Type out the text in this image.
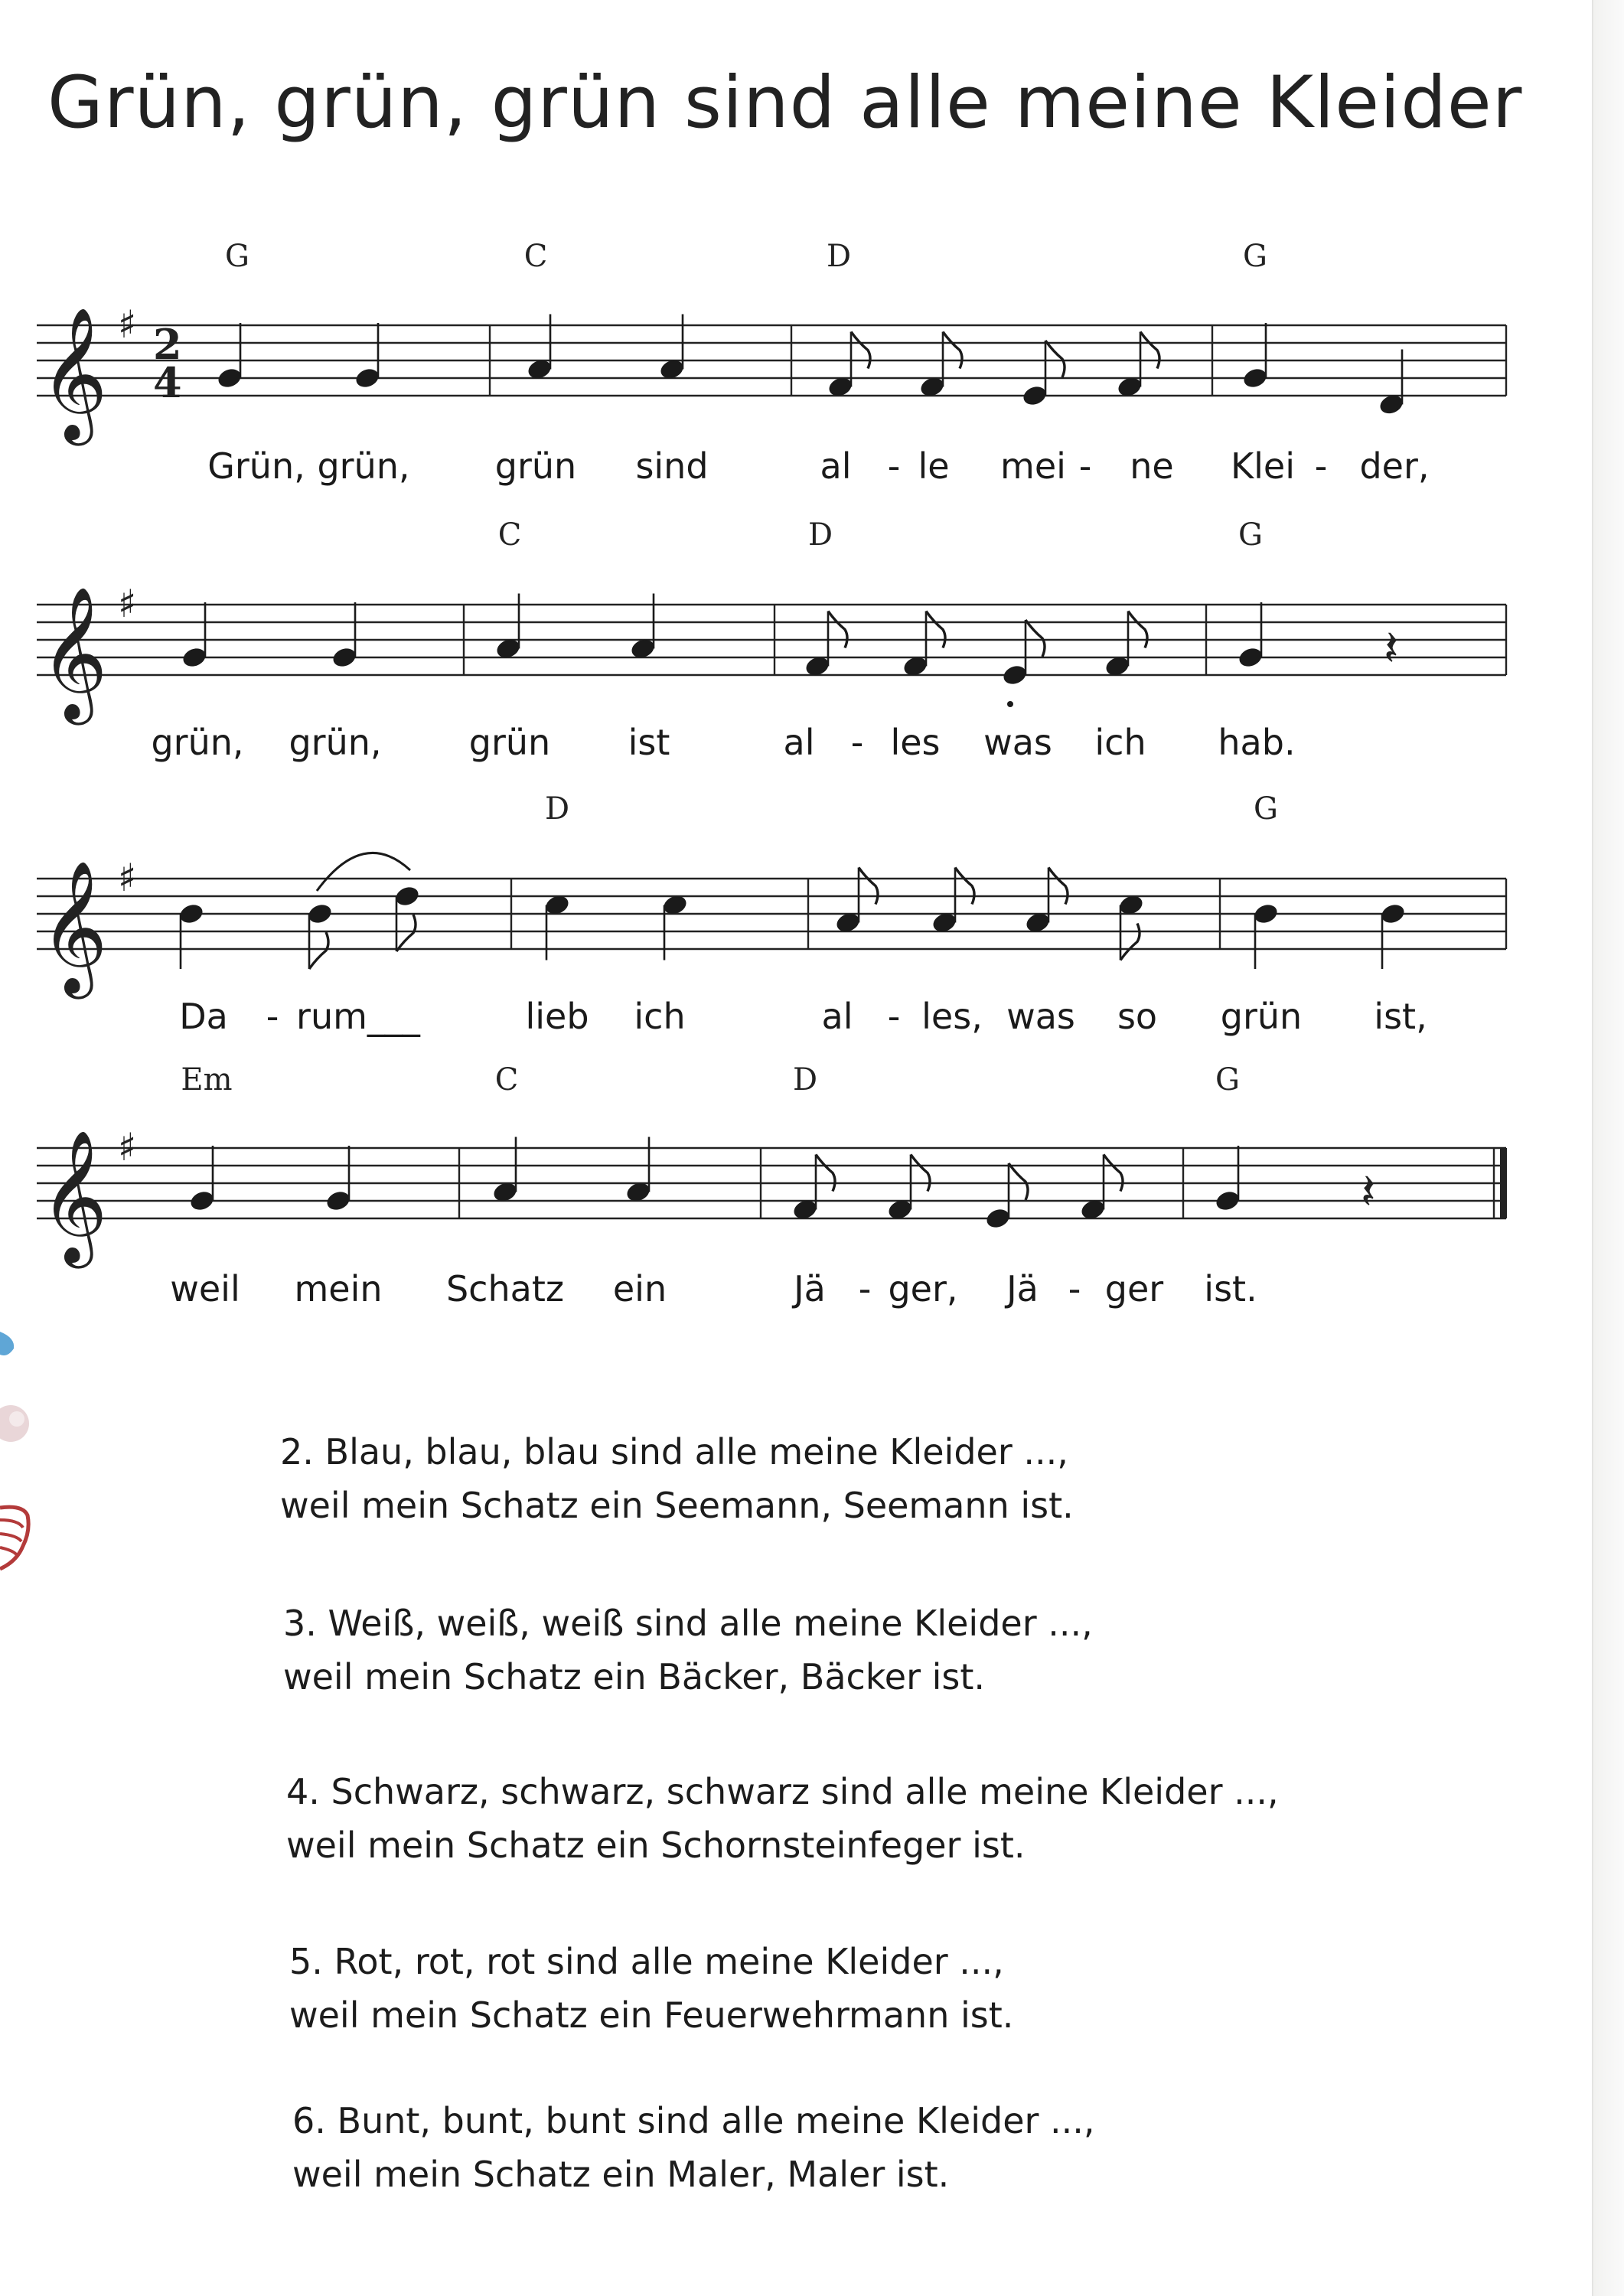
Grün, grün, grün sind alle meine Kleider
𝄞 ♯ 2
4
G	C	D	G
Grün, grün, grün sind	al - le mei - ne Klei - der,
𝄞 ♯
𝄽
C	D	G
grün, grün, grün ist	al - les was ich hab.
𝄞 ♯
D	G
Da - rum___	lieb ich	al - les, was so grün ist,
𝄞 ♯
𝄽
Em	C	D	G
weil mein Schatz ein	Jä - ger, Jä - ger ist.
2. Blau, blau, blau sind alle meine Kleider ...,
weil mein Schatz ein Seemann, Seemann ist.
3. Weiß, weiß, weiß sind alle meine Kleider ...,
weil mein Schatz ein Bäcker, Bäcker ist.
4. Schwarz, schwarz, schwarz sind alle meine Kleider ...,
weil mein Schatz ein Schornsteinfeger ist.
5. Rot, rot, rot sind alle meine Kleider ...,
weil mein Schatz ein Feuerwehrmann ist.
6. Bunt, bunt, bunt sind alle meine Kleider ...,
weil mein Schatz ein Maler, Maler ist.
